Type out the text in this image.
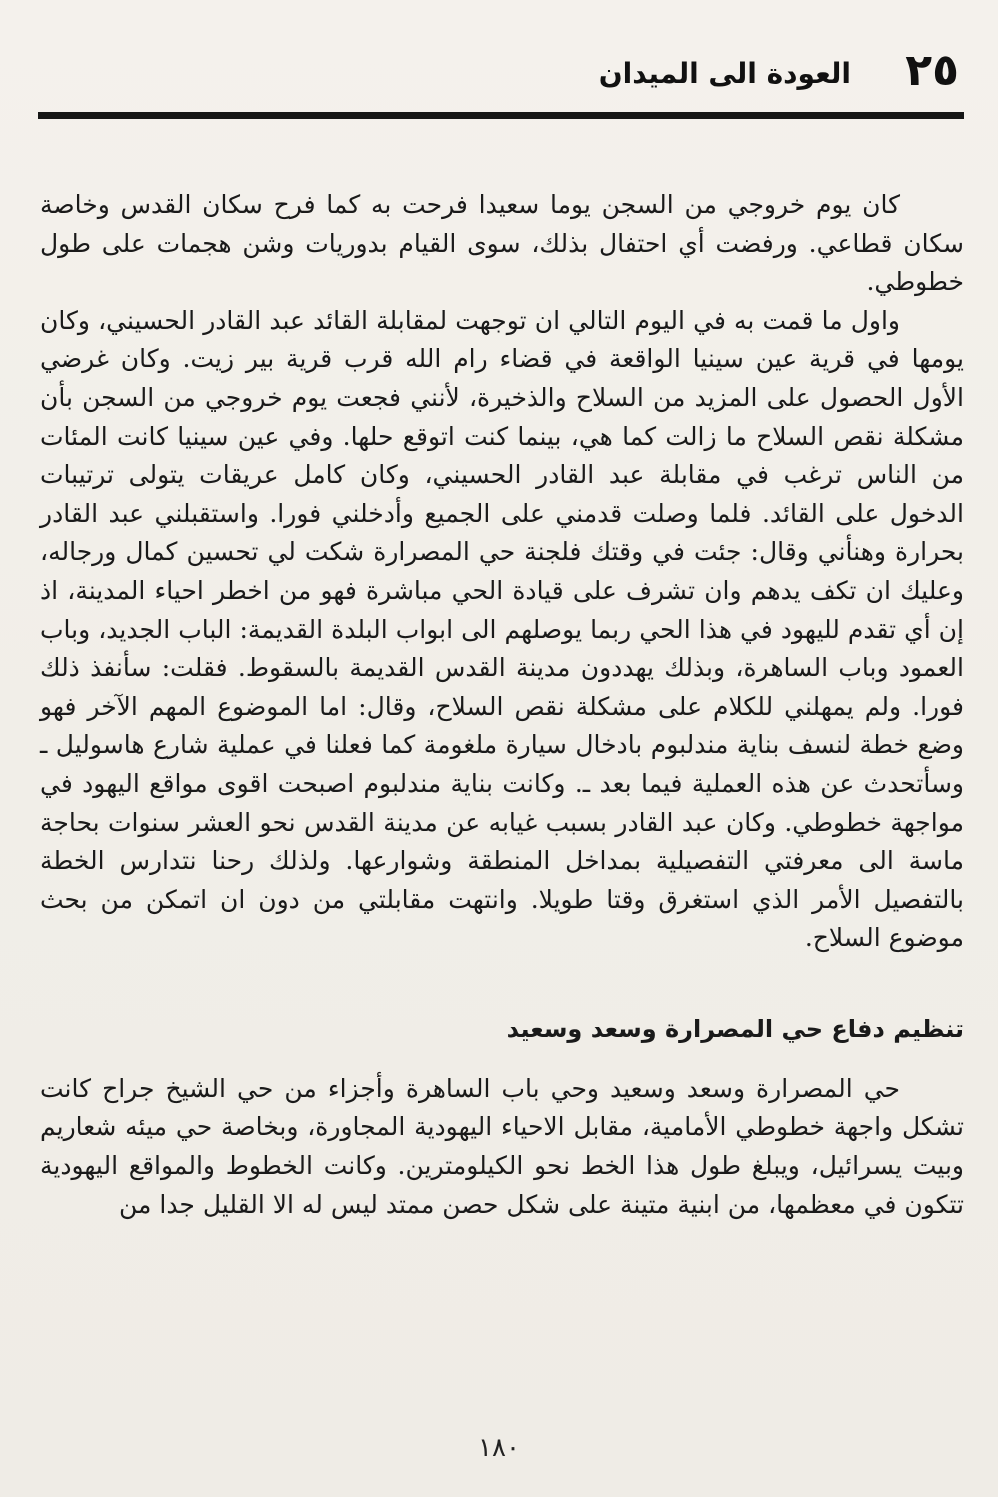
٢٥
العودة الى الميدان

كان يوم خروجي من السجن يوما سعيدا فرحت به كما فرح سكان القدس وخاصة سكان قطاعي. ورفضت أي احتفال بذلك، سوى القيام بدوريات وشن هجمات على طول خطوطي.

واول ما قمت به في اليوم التالي ان توجهت لمقابلة القائد عبد القادر الحسيني، وكان يومها في قرية عين سينيا الواقعة في قضاء رام الله قرب قرية بير زيت. وكان غرضي الأول الحصول على المزيد من السلاح والذخيرة، لأنني فجعت يوم خروجي من السجن بأن مشكلة نقص السلاح ما زالت كما هي، بينما كنت اتوقع حلها. وفي عين سينيا كانت المئات من الناس ترغب في مقابلة عبد القادر الحسيني، وكان كامل عريقات يتولى ترتيبات الدخول على القائد. فلما وصلت قدمني على الجميع وأدخلني فورا. واستقبلني عبد القادر بحرارة وهنأني وقال: جئت في وقتك فلجنة حي المصرارة شكت لي تحسين كمال ورجاله، وعليك ان تكف يدهم وان تشرف على قيادة الحي مباشرة فهو من اخطر احياء المدينة، اذ إن أي تقدم لليهود في هذا الحي ربما يوصلهم الى ابواب البلدة القديمة: الباب الجديد، وباب العمود وباب الساهرة، وبذلك يهددون مدينة القدس القديمة بالسقوط. فقلت: سأنفذ ذلك فورا. ولم يمهلني للكلام على مشكلة نقص السلاح، وقال: اما الموضوع المهم الآخر فهو وضع خطة لنسف بناية مندلبوم بادخال سيارة ملغومة كما فعلنا في عملية شارع هاسوليل ـ وسأتحدث عن هذه العملية فيما بعد ـ. وكانت بناية مندلبوم اصبحت اقوى مواقع اليهود في مواجهة خطوطي. وكان عبد القادر بسبب غيابه عن مدينة القدس نحو العشر سنوات بحاجة ماسة الى معرفتي التفصيلية بمداخل المنطقة وشوارعها. ولذلك رحنا نتدارس الخطة بالتفصيل الأمر الذي استغرق وقتا طويلا. وانتهت مقابلتي من دون ان اتمكن من بحث موضوع السلاح.

تنظيم دفاع حي المصرارة وسعد وسعيد

حي المصرارة وسعد وسعيد وحي باب الساهرة وأجزاء من حي الشيخ جراح كانت تشكل واجهة خطوطي الأمامية، مقابل الاحياء اليهودية المجاورة، وبخاصة حي ميئه شعاريم وبيت يسرائيل، ويبلغ طول هذا الخط نحو الكيلومترين. وكانت الخطوط والمواقع اليهودية تتكون في معظمها، من ابنية متينة على شكل حصن ممتد ليس له الا القليل جدا من

١٨٠
